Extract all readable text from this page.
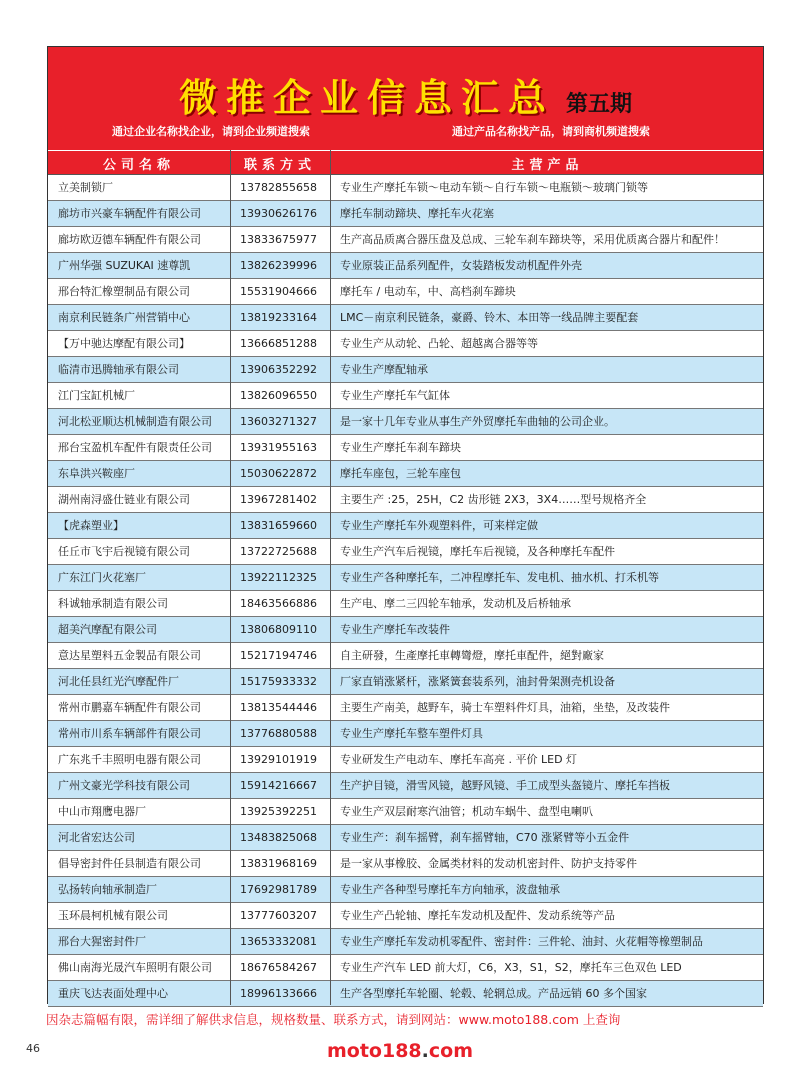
微推企业信息汇总 第五期
通过企业名称找企业，请到企业频道搜索	通过产品名称找产品，请到商机频道搜索
公司名称	联系方式	主营产品
立美制锁厂	13782855658	专业生产摩托车锁～电动车锁～自行车锁～电瓶锁～玻璃门锁等
廊坊市兴豪车辆配件有限公司	13930626176	摩托车制动蹄块、摩托车火花塞
廊坊欧迈德车辆配件有限公司	13833675977	生产高品质离合器压盘及总成、三轮车刹车蹄块等，采用优质离合器片和配件！
广州华强 SUZUKAI 速尊凯	13826239996	专业原装正品系列配件，女装踏板发动机配件外壳
邢台特汇橡塑制品有限公司	15531904666	摩托车 / 电动车，中、高档刹车蹄块
南京利民链条广州营销中心	13819233164	LMC－南京利民链条，豪爵、铃木、本田等一线品牌主要配套
【万中驰达摩配有限公司】	13666851288	专业生产从动轮、凸轮、超越离合器等等
临清市迅腾轴承有限公司	13906352292	专业生产摩配轴承
江门宝缸机械厂	13826096550	专业生产摩托车气缸体
河北松亚顺达机械制造有限公司	13603271327	是一家十几年专业从事生产外贸摩托车曲轴的公司企业。
邢台宝盈机车配件有限责任公司	13931955163	专业生产摩托车刹车蹄块
东阜洪兴鞍座厂	15030622872	摩托车座包，三轮车座包
湖州南浔盛仕链业有限公司	13967281402	主要生产 :25，25H，C2 齿形链 2X3，3X4……型号规格齐全
【虎森塑业】	13831659660	专业生产摩托车外观塑料件，可来样定做
任丘市飞宇后视镜有限公司	13722725688	专业生产汽车后视镜，摩托车后视镜，及各种摩托车配件
广东江门火花塞厂	13922112325	专业生产各种摩托车，二冲程摩托车、发电机、抽水机、打禾机等
科诚轴承制造有限公司	18463566886	生产电、摩二三四轮车轴承，发动机及后桥轴承
超美汽摩配有限公司	13806809110	专业生产摩托车改装件
意达星塑料五金製品有限公司	15217194746	自主研發，生產摩托車轉彎燈，摩托車配件，絕對廠家
河北任县红光汽摩配件厂	15175933332	厂家直销涨紧杆，涨紧簧套装系列，油封骨架测壳机设备
常州市鹏嘉车辆配件有限公司	13813544446	主要生产南美，越野车，骑士车塑料件灯具，油箱，坐垫，及改装件
常州市川系车辆部件有限公司	13776880588	专业生产摩托车整车塑件灯具
广东兆千丰照明电器有限公司	13929101919	专业研发生产电动车、摩托车高亮 . 平价 LED 灯
广州文豪光学科技有限公司	15914216667	生产护目镜，滑雪风镜，越野风镜、手工成型头盔镜片、摩托车挡板
中山市翔鹰电器厂	13925392251	专业生产双层耐寒汽油管；机动车蜗牛、盘型电喇叭
河北省宏达公司	13483825068	专业生产：刹车摇臂，刹车摇臂轴，C70 涨紧臂等小五金件
倡导密封件任县制造有限公司	13831968169	是一家从事橡胶、金属类材料的发动机密封件、防护支持零件
弘扬转向轴承制造厂	17692981789	专业生产各种型号摩托车方向轴承，波盘轴承
玉环晨柯机械有限公司	13777603207	专业生产凸轮轴、摩托车发动机及配件、发动系统等产品
邢台大猩密封件厂	13653332081	专业生产摩托车发动机零配件、密封件：三件轮、油封、火花帽等橡塑制品
佛山南海光晟汽车照明有限公司	18676584267	专业生产汽车 LED 前大灯，C6，X3，S1，S2，摩托车三色双色 LED
重庆飞达表面处理中心	18996133666	生产各型摩托车轮圈、轮毂、轮辋总成。产品远销 60 多个国家
因杂志篇幅有限，需详细了解供求信息，规格数量、联系方式，请到网站：www.moto188.com 上查询
46	moto188.com
